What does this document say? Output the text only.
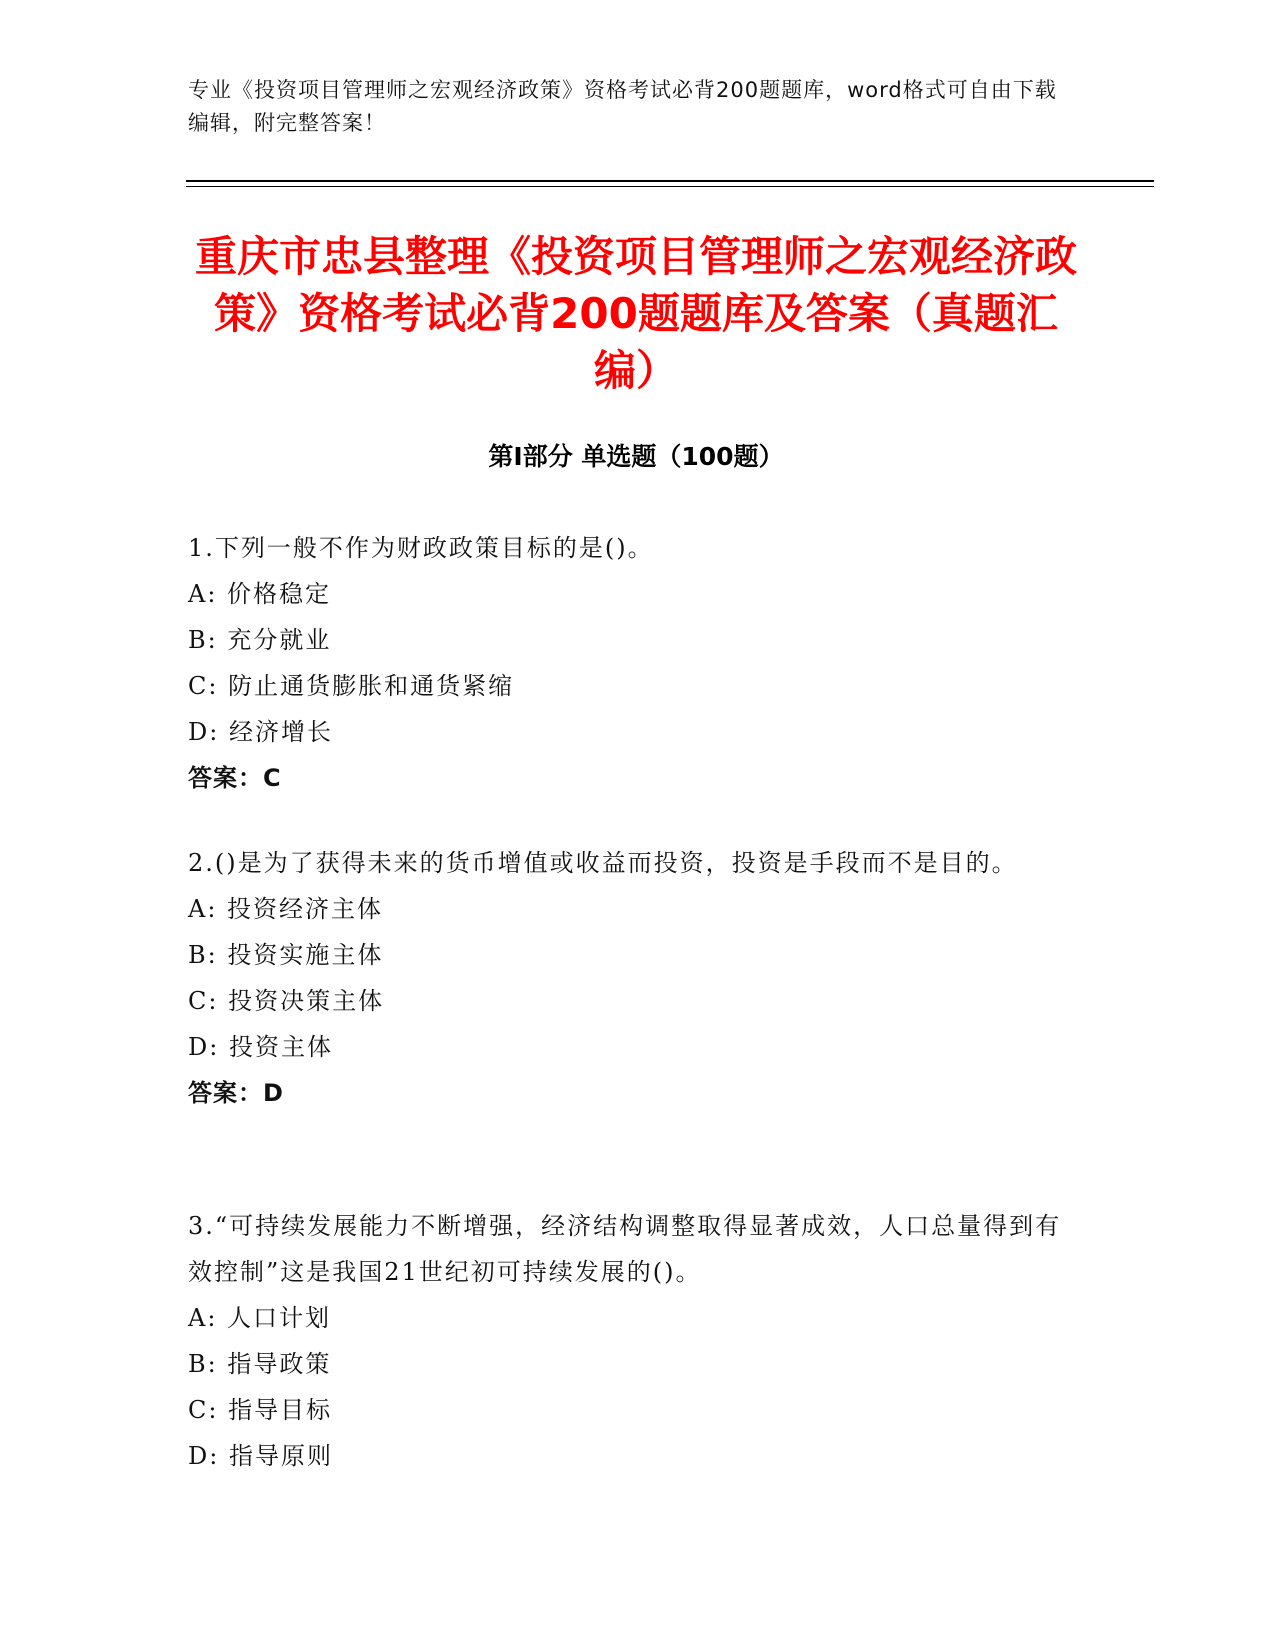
专业《投资项目管理师之宏观经济政策》资格考试必背200题题库，word格式可自由下载编辑，附完整答案！
重庆市忠县整理《投资项目管理师之宏观经济政策》资格考试必背200题题库及答案（真题汇编）
第I部分 单选题（100题）
1.下列一般不作为财政政策目标的是()。
A: 价格稳定
B: 充分就业
C: 防止通货膨胀和通货紧缩
D: 经济增长
答案：C
2.()是为了获得未来的货币增值或收益而投资，投资是手段而不是目的。
A: 投资经济主体
B: 投资实施主体
C: 投资决策主体
D: 投资主体
答案：D
3.“可持续发展能力不断增强，经济结构调整取得显著成效，人口总量得到有效控制”这是我国21世纪初可持续发展的()。
A: 人口计划
B: 指导政策
C: 指导目标
D: 指导原则
